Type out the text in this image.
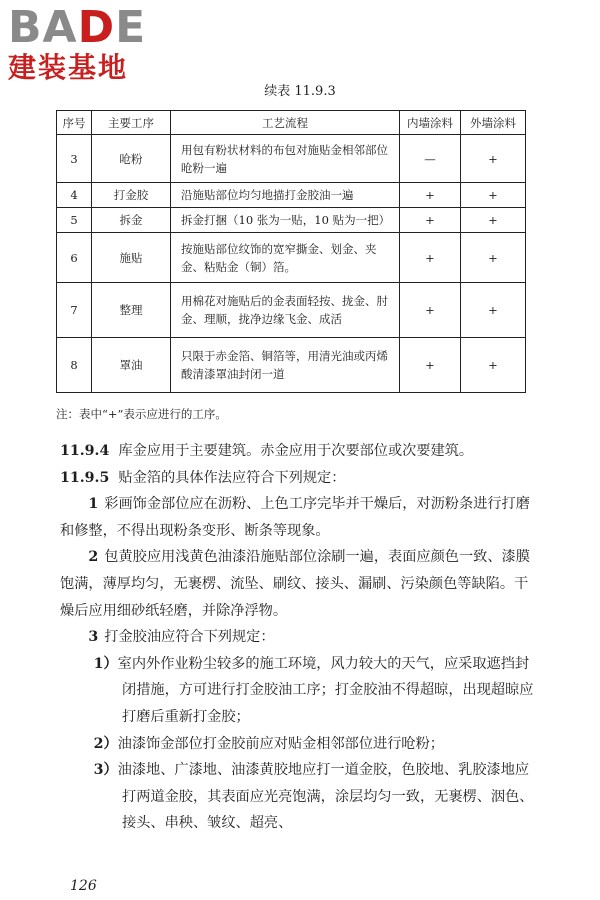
BADE
建装基地
续表 11.9.3
序号	主要工序	工艺流程	内墙涂料	外墙涂料
3	呛粉	用包有粉状材料的布包对施贴金相邻部位呛粉一遍	—	+
4	打金胶	沿施贴部位均匀地描打金胶油一遍	+	+
5	拆金	拆金打捆（10 张为一贴，10 贴为一把）	+	+
6	施贴	按施贴部位纹饰的宽窄撕金、划金、夹金、粘贴金（铜）箔。	+	+
7	整理	用棉花对施贴后的金表面轻按、拢金、肘金、理顺，拢净边缘飞金、成活	+	+
8	罩油	只限于赤金箔、铜箔等，用清光油或丙烯酸清漆罩油封闭一道	+	+
注：表中“+”表示应进行的工序。

11.9.4 库金应用于主要建筑。赤金应用于次要部位或次要建筑。

11.9.5 贴金箔的具体作法应符合下列规定：

1 彩画饰金部位应在沥粉、上色工序完毕并干燥后，对沥粉条进行打磨和修整，不得出现粉条变形、断条等现象。

2 包黄胶应用浅黄色油漆沿施贴部位涂刷一遍，表面应颜色一致、漆膜饱满，薄厚均匀，无裹楞、流坠、刷纹、接头、漏刷、污染颜色等缺陷。干燥后应用细砂纸轻磨，并除净浮物。

3 打金胶油应符合下列规定：

1）室内外作业粉尘较多的施工环境，风力较大的天气，应采取遮挡封闭措施，方可进行打金胶油工序；打金胶油不得超晾，出现超晾应打磨后重新打金胶；

2）油漆饰金部位打金胶前应对贴金相邻部位进行呛粉；

3）油漆地、广漆地、油漆黄胶地应打一道金胶，色胶地、乳胶漆地应打两道金胶，其表面应光亮饱满，涂层均匀一致，无裹楞、洇色、接头、串秧、皱纹、超亮、

126
